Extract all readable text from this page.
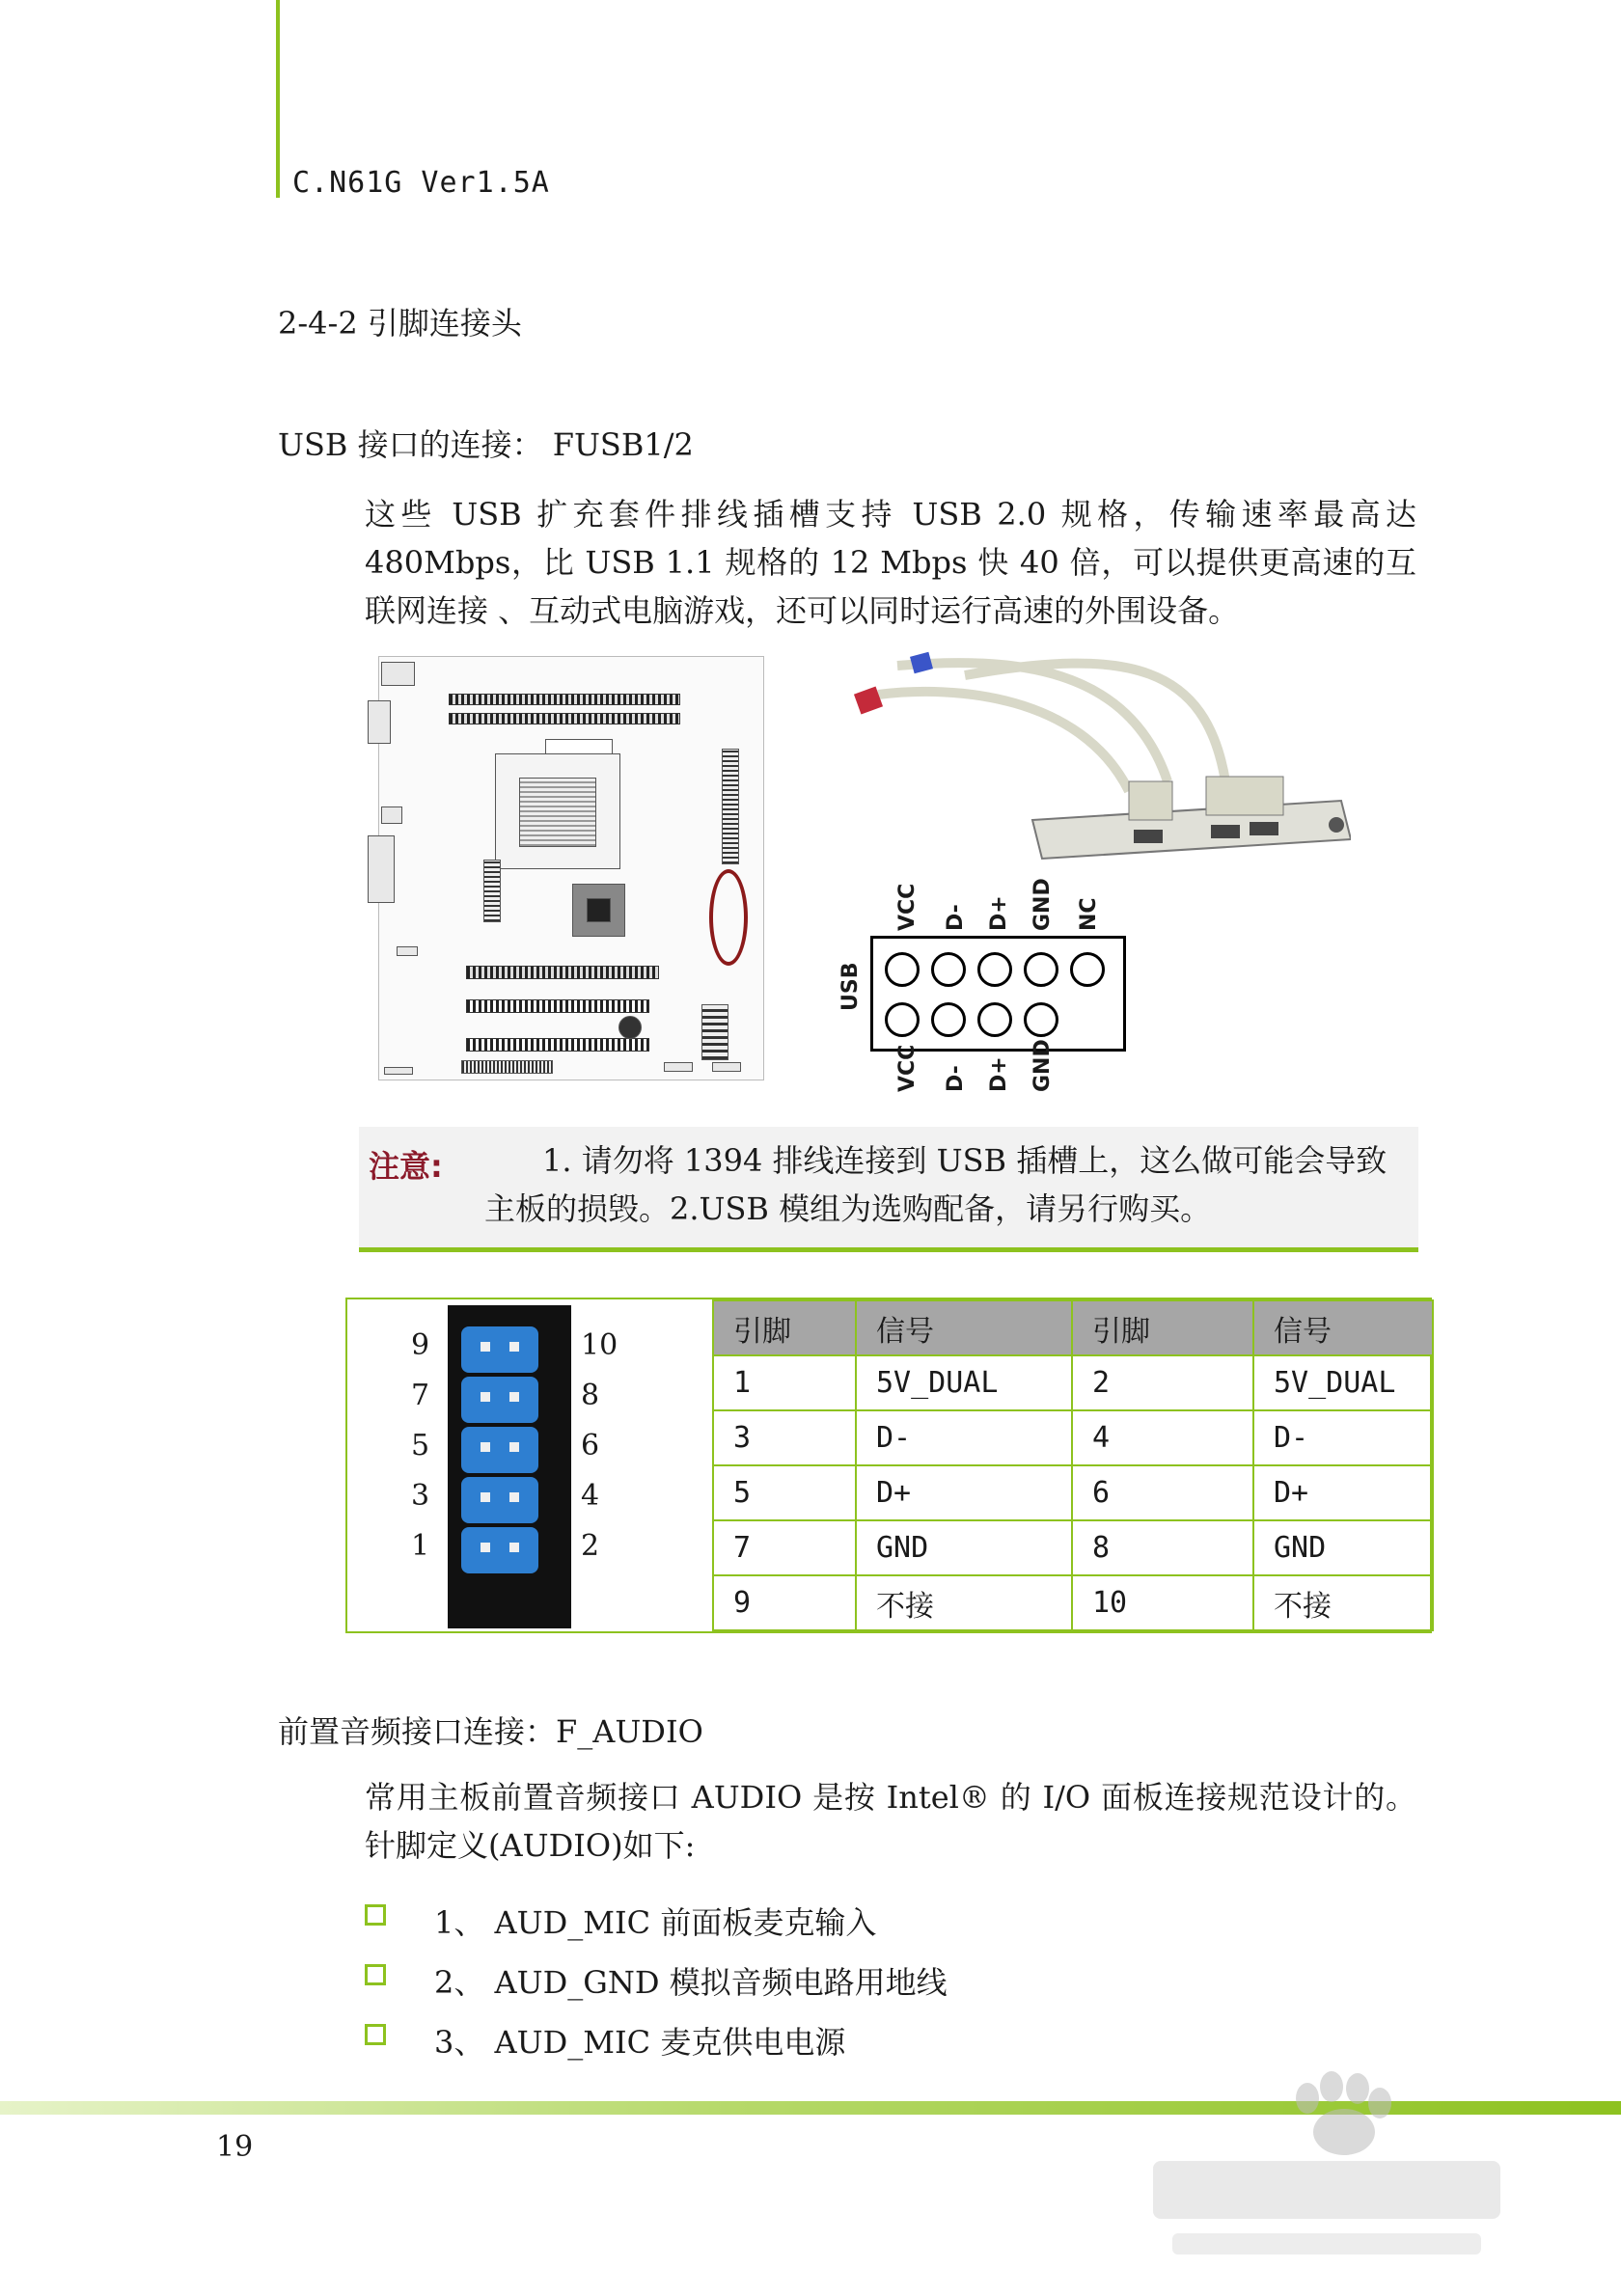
C.N61G Ver1.5A
2-4-2 引脚连接头
USB 接口的连接： FUSB1/2
这些 USB 扩充套件排线插槽支持 USB 2.0 规格，传输速率最高达 480Mbps，比 USB 1.1 规格的 12 Mbps 快 40 倍，可以提供更高速的互联网连接 、互动式电脑游戏，还可以同时运行高速的外围设备。
VCC D- D+ GND NC
USB
VCC D- D+ GND
注意:	1. 请勿将 1394 排线连接到 USB 插槽上，这么做可能会导致主板的损毁。2.USB 模组为选购配备，请另行购买。
9
7
5
3
1
10
8
6
4
2
引脚	信号	引脚	信号
1	5V_DUAL	2	5V_DUAL
3	D-	4	D-
5	D+	6	D+
7	GND	8	GND
9	不接	10	不接
前置音频接口连接：F_AUDIO
常用主板前置音频接口 AUDIO 是按 Intel® 的 I/O 面板连接规范设计的。针脚定义(AUDIO)如下:
1、 AUD_MIC 前面板麦克输入
2、 AUD_GND 模拟音频电路用地线
3、 AUD_MIC 麦克供电电源
19
